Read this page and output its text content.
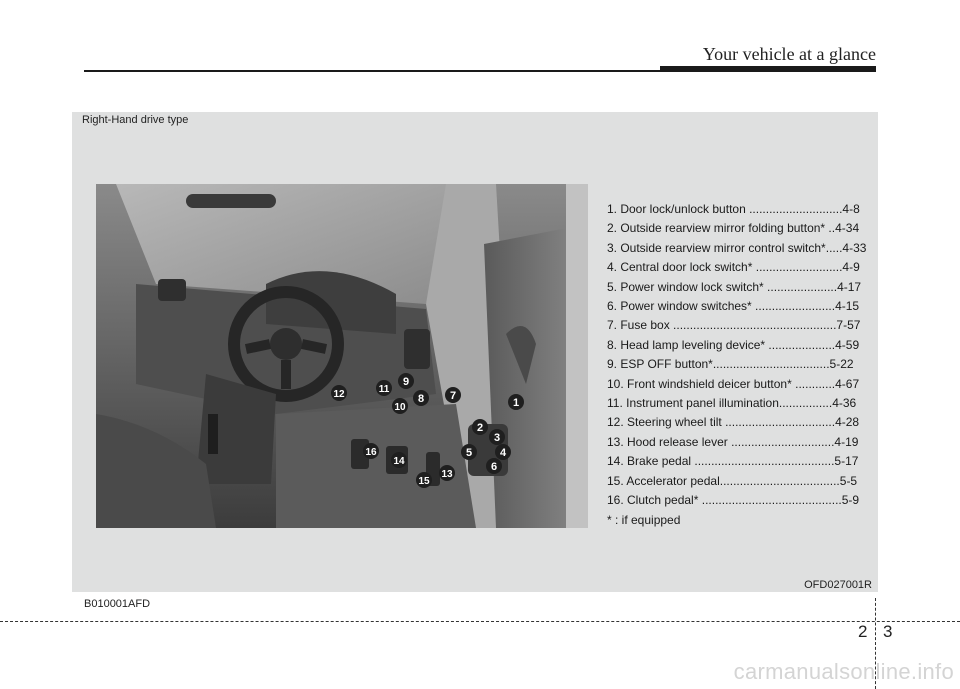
Your vehicle at a glance
Right-Hand drive type
1
2
3
4
5
6
7
8
9
10
11
12
13
14
15
16
1. Door lock/unlock button ............................4-8
2. Outside rearview mirror folding button* ..4-34
3. Outside rearview mirror control switch*.....4-33
4. Central door lock switch* ..........................4-9
5. Power window lock switch* .....................4-17
6. Power window switches* ........................4-15
7. Fuse box .................................................7-57
8. Head lamp leveling device* ....................4-59
9. ESP OFF button*...................................5-22
10. Front windshield deicer button* ............4-67
11. Instrument panel illumination................4-36
12. Steering wheel tilt .................................4-28
13. Hood release lever ...............................4-19
14. Brake pedal ..........................................5-17
15. Accelerator pedal....................................5-5
16. Clutch pedal* ..........................................5-9
* : if equipped
OFD027001R
B010001AFD
2 3
carmanualsonline.info
